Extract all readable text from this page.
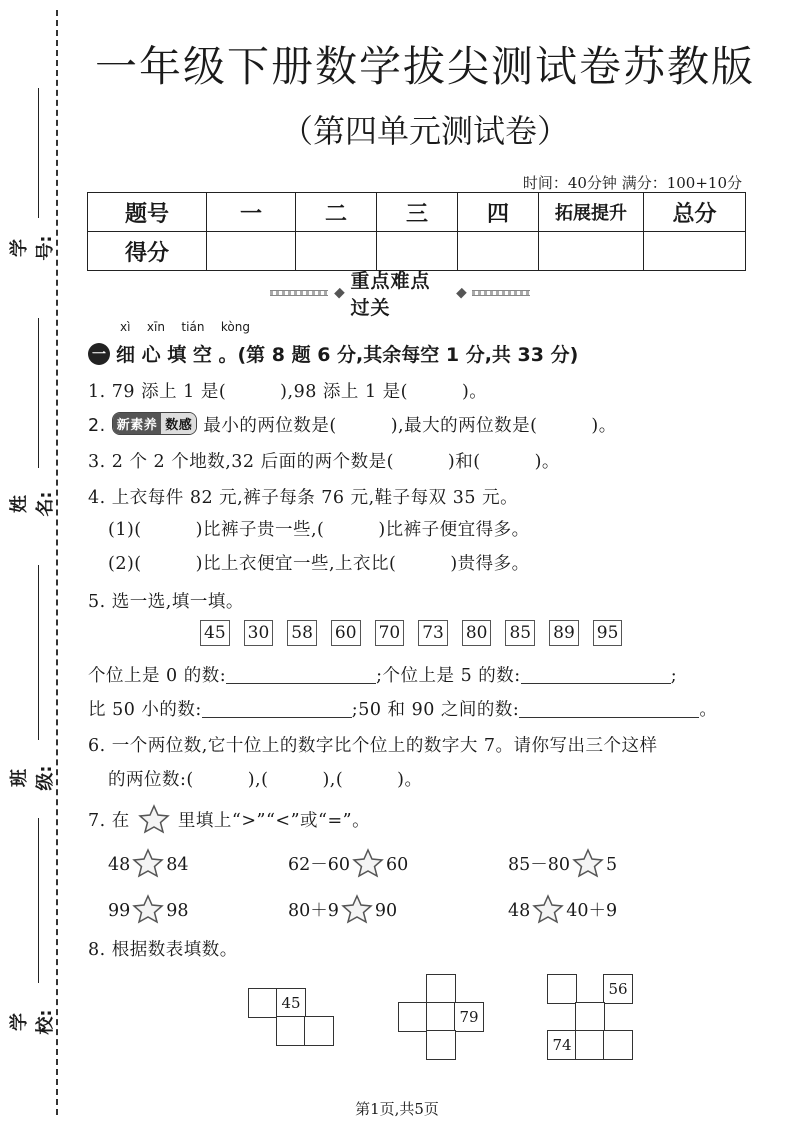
学号:
姓名:
班级:
学校:
一年级下册数学拔尖测试卷苏教版
（第四单元测试卷）
时间：40分钟 满分：100+10分
题号	一	二	三	四	拓展提升	总分
得分						
重点难点过关
xì xīn tián kòng
一 细 心 填 空 。(第 8 题 6 分,其余每空 1 分,共 33 分)
1. 79 添上 1 是(　　　),98 添上 1 是(　　　)。
2. 新素养 数感 最小的两位数是(　　　),最大的两位数是(　　　)。
3. 2 个 2 个地数,32 后面的两个数是(　　　)和(　　　)。
4. 上衣每件 82 元,裤子每条 76 元,鞋子每双 35 元。
(1)(　　　)比裤子贵一些,(　　　)比裤子便宜得多。
(2)(　　　)比上衣便宜一些,上衣比(　　　)贵得多。
5. 选一选,填一填。
45 30 58 60 70 73 80 85 89 95
个位上是 0 的数:	;个位上是 5 的数:	;
比 50 小的数:	;50 和 90 之间的数:	。
6. 一个两位数,它十位上的数字比个位上的数字大 7。请你写出三个这样
的两位数:(　　　),(　　　),(　　　)。
7. 在	里填上“>”“<”或“=”。
48 84	62－60 60	85－80 5
99 98	80＋9 90	48 40＋9
8. 根据数表填数。
45
79
56
74
第1页,共5页
